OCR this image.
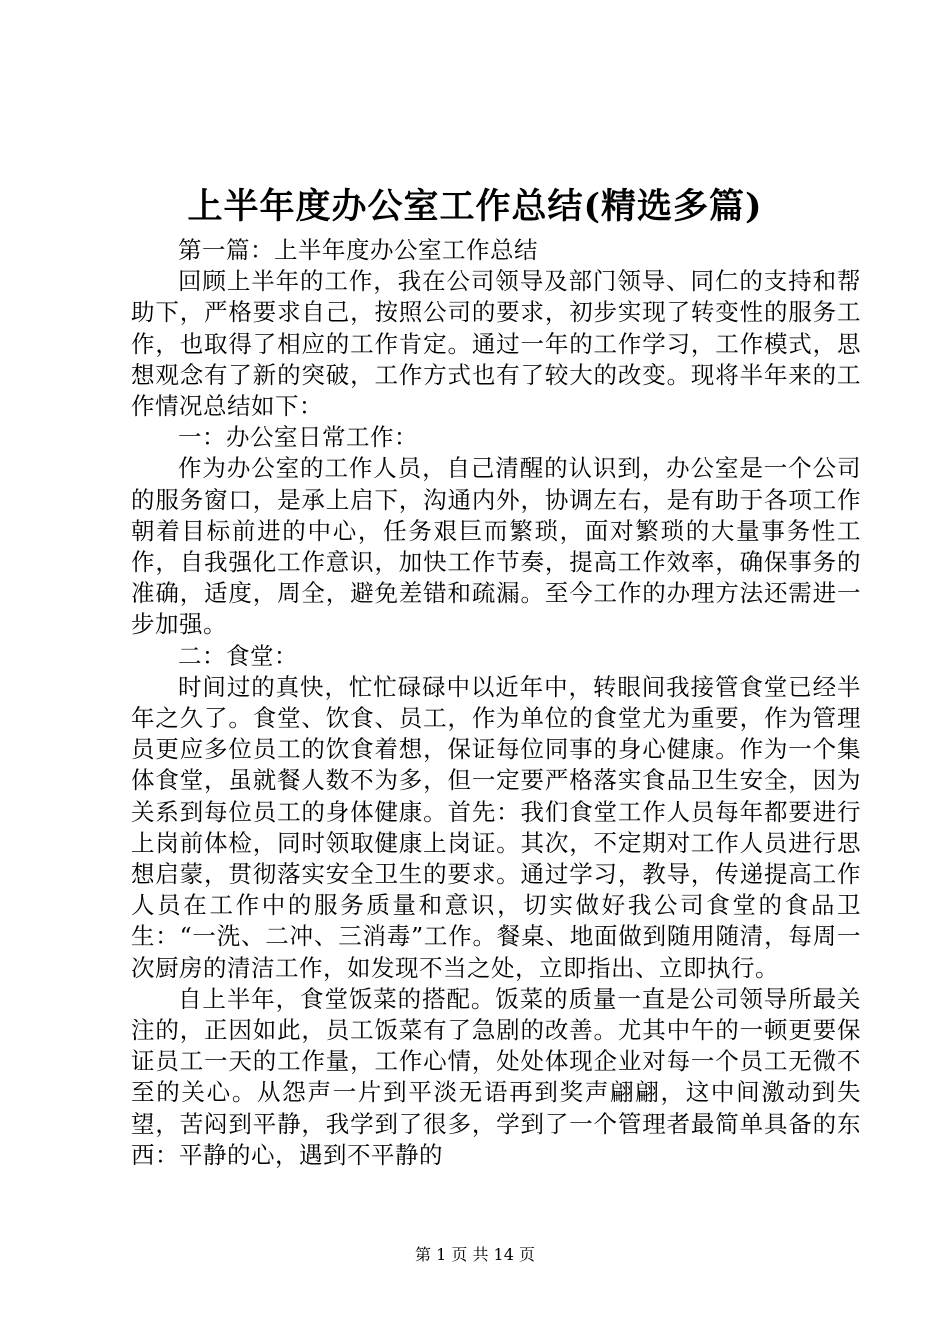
上半年度办公室工作总结(精选多篇)

第一篇：上半年度办公室工作总结

回顾上半年的工作，我在公司领导及部门领导、同仁的支持和帮助下，严格要求自己，按照公司的要求，初步实现了转变性的服务工作，也取得了相应的工作肯定。通过一年的工作学习，工作模式，思想观念有了新的突破，工作方式也有了较大的改变。现将半年来的工作情况总结如下：

一：办公室日常工作：

作为办公室的工作人员，自己清醒的认识到，办公室是一个公司的服务窗口，是承上启下，沟通内外，协调左右，是有助于各项工作朝着目标前进的中心，任务艰巨而繁琐，面对繁琐的大量事务性工作，自我强化工作意识，加快工作节奏，提高工作效率，确保事务的准确，适度，周全，避免差错和疏漏。至今工作的办理方法还需进一步加强。

二：食堂：

时间过的真快，忙忙碌碌中以近年中，转眼间我接管食堂已经半年之久了。食堂、饮食、员工，作为单位的食堂尤为重要，作为管理员更应多位员工的饮食着想，保证每位同事的身心健康。作为一个集体食堂，虽就餐人数不为多，但一定要严格落实食品卫生安全，因为关系到每位员工的身体健康。首先：我们食堂工作人员每年都要进行上岗前体检，同时领取健康上岗证。其次，不定期对工作人员进行思想启蒙，贯彻落实安全卫生的要求。通过学习，教导，传递提高工作人员在工作中的服务质量和意识，切实做好我公司食堂的食品卫生：“一洗、二冲、三消毒”工作。餐桌、地面做到随用随清，每周一次厨房的清洁工作，如发现不当之处，立即指出、立即执行。

自上半年，食堂饭菜的搭配。饭菜的质量一直是公司领导所最关注的，正因如此，员工饭菜有了急剧的改善。尤其中午的一顿更要保证员工一天的工作量，工作心情，处处体现企业对每一个员工无微不至的关心。从怨声一片到平淡无语再到奖声翩翩，这中间激动到失望，苦闷到平静，我学到了很多，学到了一个管理者最简单具备的东西：平静的心，遇到不平静的

第 1 页 共 14 页
